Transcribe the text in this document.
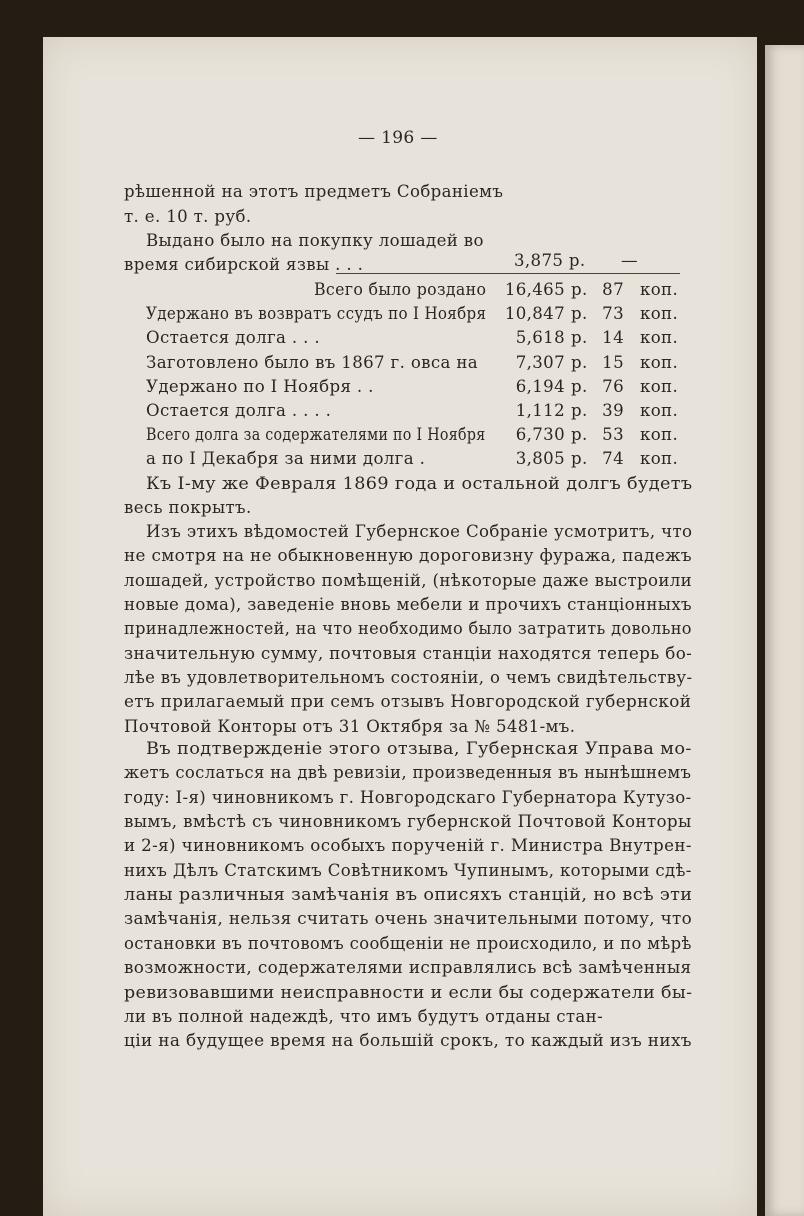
— 196 —
рѣшенной на этотъ предметъ Собраніемъ
т. е. 10 т. руб.
Выдано было на покупку лошадей во
время сибирской язвы . . .	3,875 р. —
Всего было роздано	16,465 р. 87 коп.
Удержано въ возвратъ ссудъ по I Ноября	10,847 р. 73 коп.
Остается долга . . .	5,618 р. 14 коп.
Заготовлено было въ 1867 г. овса на	7,307 р. 15 коп.
Удержано по I Ноября . .	6,194 р. 76 коп.
Остается долга . . . .	1,112 р. 39 коп.
Всего долга за содержателями по I Ноября	6,730 р. 53 коп.
а по I Декабря за ними долга .	3,805 р. 74 коп.
Къ I-му же Февраля 1869 года и остальной долгъ будетъ
весь покрытъ.
Изъ этихъ вѣдомостей Губернское Собраніе усмотритъ, что
не смотря на не обыкновенную дороговизну фуража, падежъ
лошадей, устройство помѣщеній, (нѣкоторые даже выстроили
новые дома), заведеніе вновь мебели и прочихъ станціонныхъ
принадлежностей, на что необходимо было затратить довольно
значительную сумму, почтовыя станціи находятся теперь бо-
лѣе въ удовлетворительномъ состояніи, о чемъ свидѣтельству-
етъ прилагаемый при семъ отзывъ Новгородской губернской
Почтовой Конторы отъ 31 Октября за № 5481-мъ.
Въ подтвержденіе этого отзыва, Губернская Управа мо-
жетъ сослаться на двѣ ревизіи, произведенныя въ нынѣшнемъ
году: I-я) чиновникомъ г. Новгородскаго Губернатора Кутузо-
вымъ, вмѣстѣ съ чиновникомъ губернской Почтовой Конторы
и 2-я) чиновникомъ особыхъ порученій г. Министра Внутрен-
нихъ Дѣлъ Статскимъ Совѣтникомъ Чупинымъ, которыми сдѣ-
ланы различныя замѣчанія въ описяхъ станцій, но всѣ эти
замѣчанія, нельзя считать очень значительными потому, что
остановки въ почтовомъ сообщеніи не происходило, и по мѣрѣ
возможности, содержателями исправлялись всѣ замѣченныя
ревизовавшими неисправности и если бы содержатели бы-
ли въ полной надеждѣ, что имъ будутъ отданы стан-
ціи на будущее время на большій срокъ, то каждый изъ нихъ
